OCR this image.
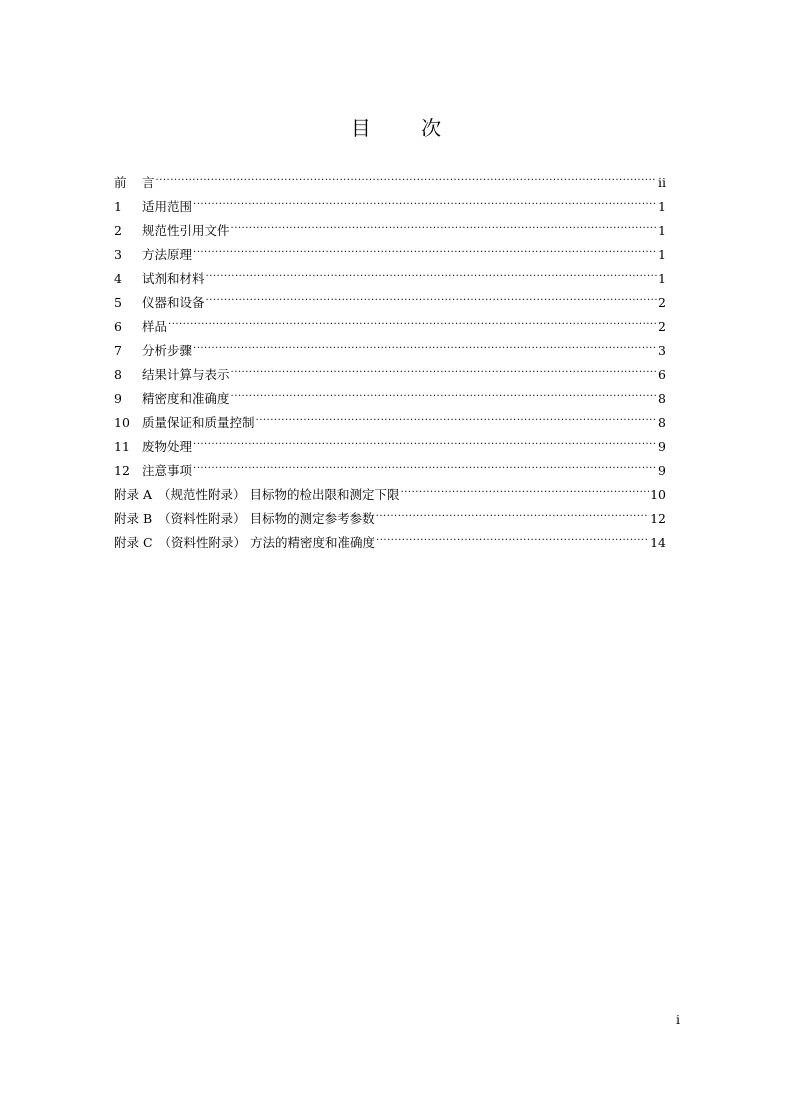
目 次
前	言 .....	ii
1	适用范围 .....	1
2	规范性引用文件 .....	1
3	方法原理 .....	1
4	试剂和材料 .....	1
5	仪器和设备 .....	2
6	样品 .....	2
7	分析步骤 .....	3
8	结果计算与表示 .....	6
9	精密度和准确度 .....	8
10 质量保证和质量控制 .....	8
11 废物处理 .....	9
12 注意事项 .....	9
附录 A （规范性附录） 目标物的检出限和测定下限 .....	10
附录 B （资料性附录） 目标物的测定参考参数 .....	12
附录 C （资料性附录） 方法的精密度和准确度 .....	14
i
